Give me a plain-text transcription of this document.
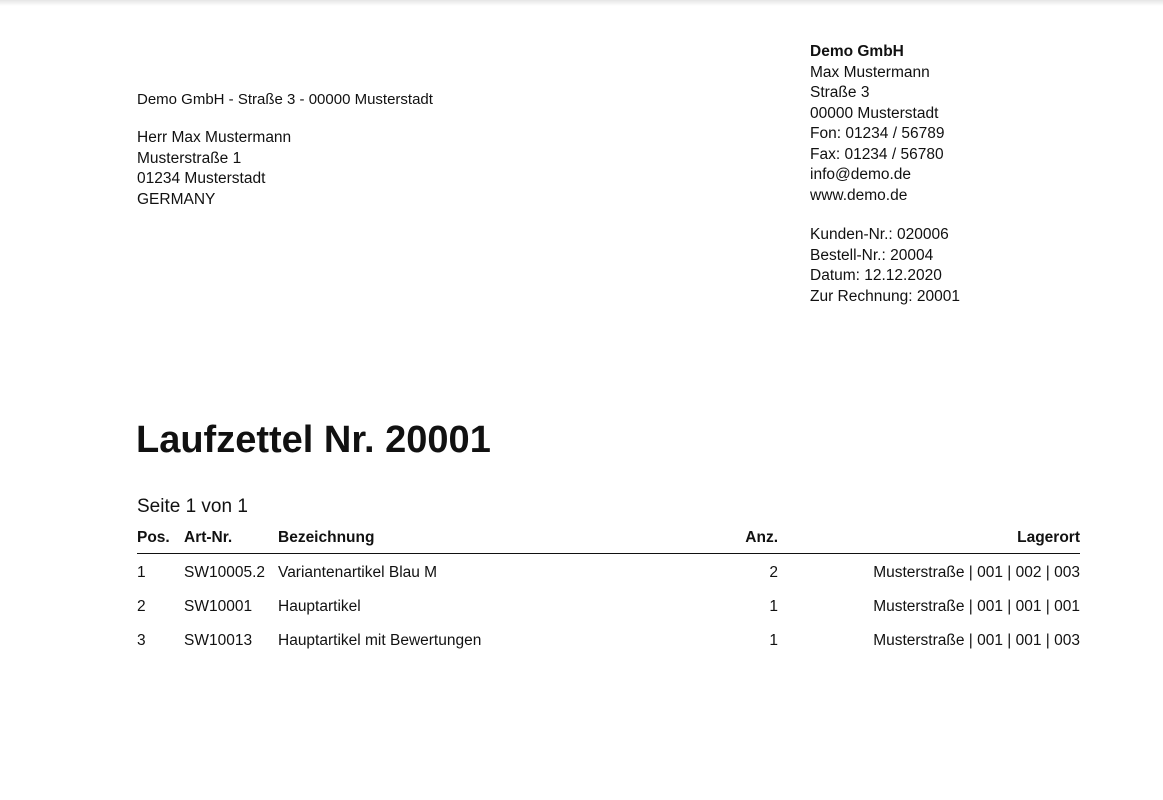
Demo GmbH - Straße 3 - 00000 Musterstadt
Herr Max Mustermann
Musterstraße 1
01234 Musterstadt
GERMANY
Demo GmbH
Max Mustermann
Straße 3
00000 Musterstadt
Fon: 01234 / 56789
Fax: 01234 / 56780
info@demo.de
www.demo.de
Kunden-Nr.: 020006
Bestell-Nr.: 20004
Datum: 12.12.2020
Zur Rechnung: 20001
Laufzettel Nr. 20001
Seite 1 von 1
Pos.	Art-Nr.	Bezeichnung	Anz.	Lagerort
1	SW10005.2	Variantenartikel Blau M	2	Musterstraße | 001 | 002 | 003
2	SW10001	Hauptartikel	1	Musterstraße | 001 | 001 | 001
3	SW10013	Hauptartikel mit Bewertungen	1	Musterstraße | 001 | 001 | 003
